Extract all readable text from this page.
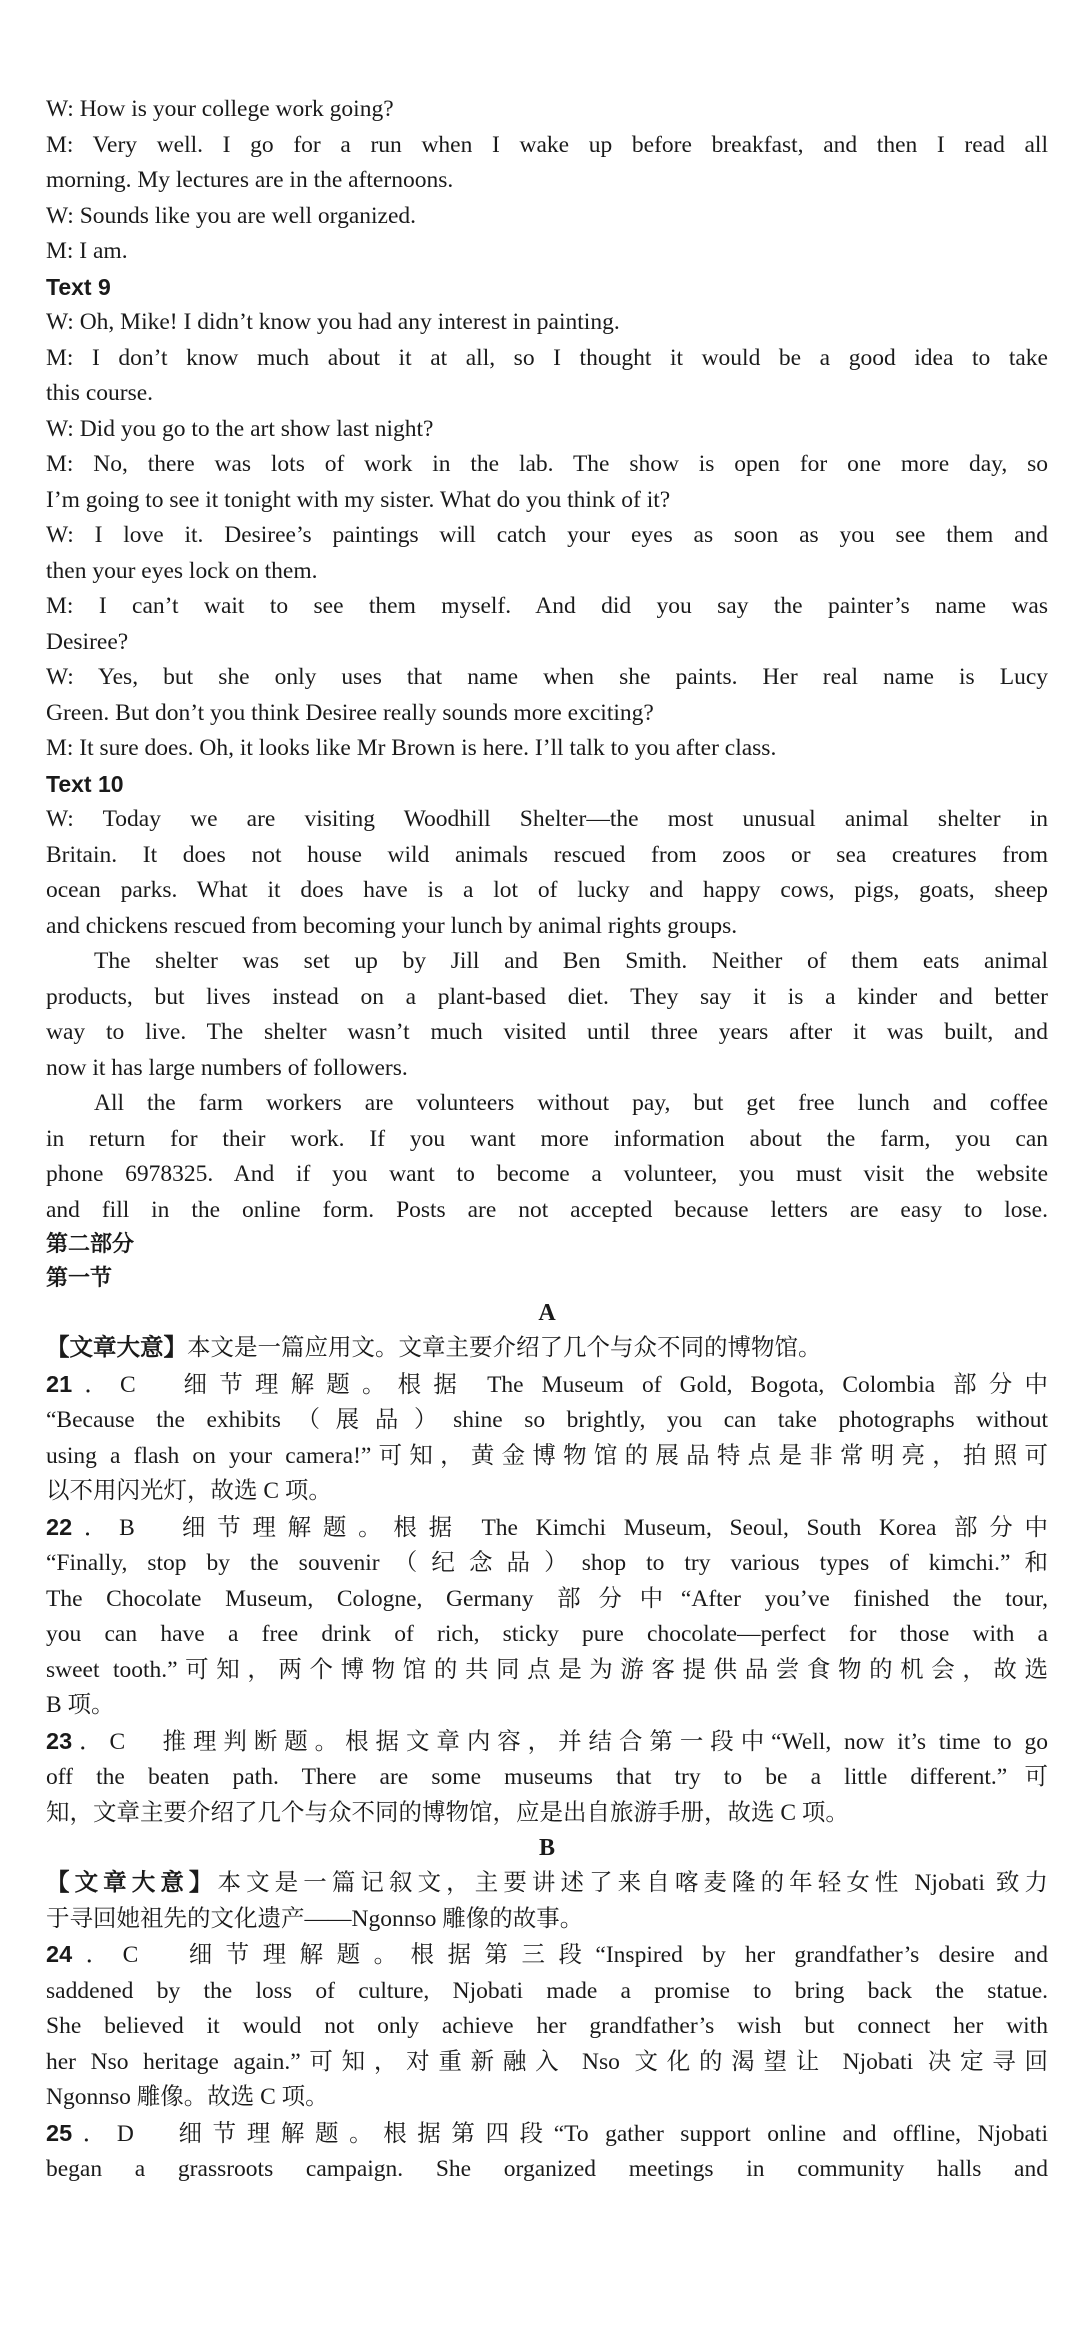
W: How is your college work going?
M: Very well. I go for a run when I wake up before breakfast, and then I read all
morning. My lectures are in the afternoons.
W: Sounds like you are well organized.
M: I am.
Text 9
W: Oh, Mike! I didn’t know you had any interest in painting.
M: I don’t know much about it at all, so I thought it would be a good idea to take
this course.
W: Did you go to the art show last night?
M: No, there was lots of work in the lab. The show is open for one more day, so
I’m going to see it tonight with my sister. What do you think of it?
W: I love it. Desiree’s paintings will catch your eyes as soon as you see them and
then your eyes lock on them.
M: I can’t wait to see them myself. And did you say the painter’s name was
Desiree?
W: Yes, but she only uses that name when she paints. Her real name is Lucy
Green. But don’t you think Desiree really sounds more exciting?
M: It sure does. Oh, it looks like Mr Brown is here. I’ll talk to you after class.
Text 10
W: Today we are visiting Woodhill Shelter—the most unusual animal shelter in
Britain. It does not house wild animals rescued from zoos or sea creatures from
ocean parks. What it does have is a lot of lucky and happy cows, pigs, goats, sheep
and chickens rescued from becoming your lunch by animal rights groups.
The shelter was set up by Jill and Ben Smith. Neither of them eats animal
products, but lives instead on a plant-based diet. They say it is a kinder and better
way to live. The shelter wasn’t much visited until three years after it was built, and
now it has large numbers of followers.
All the farm workers are volunteers without pay, but get free lunch and coffee
in return for their work. If you want more information about the farm, you can
phone 6978325. And if you want to become a volunteer, you must visit the website
and fill in the online form. Posts are not accepted because letters are easy to lose.
第二部分
第一节
A
【文章大意】本文是一篇应用文。文章主要介绍了几个与众不同的博物馆。
21．C　细节理解题。根据 The Museum of Gold, Bogota, Colombia 部分中
“Because the exhibits（展品）shine so brightly, you can take photographs without
using a flash on your camera!”可知，黄金博物馆的展品特点是非常明亮，拍照可
以不用闪光灯，故选 C 项。
22．B　细节理解题。根据 The Kimchi Museum, Seoul, South Korea 部分中
“Finally, stop by the souvenir（纪念品）shop to try various types of kimchi.”和
The Chocolate Museum, Cologne, Germany 部分中“After you’ve finished the tour,
you can have a free drink of rich, sticky pure chocolate—perfect for those with a
sweet tooth.”可知，两个博物馆的共同点是为游客提供品尝食物的机会，故选
B 项。
23．C　推理判断题。根据文章内容，并结合第一段中“Well, now it’s time to go
off the beaten path. There are some museums that try to be a little different.”可
知，文章主要介绍了几个与众不同的博物馆，应是出自旅游手册，故选 C 项。
B
【文章大意】本文是一篇记叙文，主要讲述了来自喀麦隆的年轻女性 Njobati 致力
于寻回她祖先的文化遗产——Ngonnso 雕像的故事。
24．C　细节理解题。根据第三段“Inspired by her grandfather’s desire and
saddened by the loss of culture, Njobati made a promise to bring back the statue.
She believed it would not only achieve her grandfather’s wish but connect her with
her Nso heritage again.”可知，对重新融入 Nso 文化的渴望让 Njobati 决定寻回
Ngonnso 雕像。故选 C 项。
25．D　细节理解题。根据第四段“To gather support online and offline, Njobati
began a grassroots campaign. She organized meetings in community halls and
